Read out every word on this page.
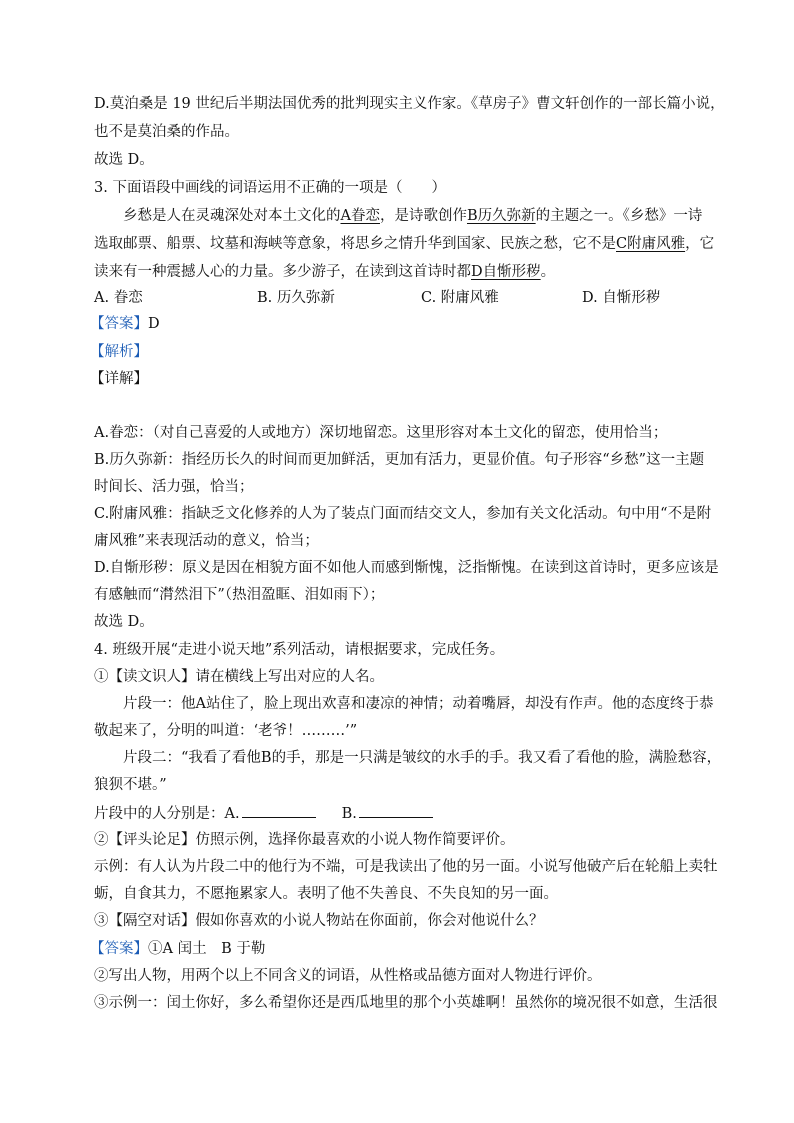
D.莫泊桑是 19 世纪后半期法国优秀的批判现实主义作家。《草房子》曹文轩创作的一部长篇小说，
也不是莫泊桑的作品。
故选 D。
3. 下面语段中画线的词语运用不正确的一项是（　　）
乡愁是人在灵魂深处对本土文化的A眷恋，是诗歌创作B历久弥新的主题之一。《乡愁》一诗
选取邮票、船票、坟墓和海峡等意象，将思乡之情升华到国家、民族之愁，它不是C附庸风雅，它
读来有一种震撼人心的力量。多少游子，在读到这首诗时都D自惭形秽。
A. 眷恋	B. 历久弥新	C. 附庸风雅	D. 自惭形秽
【答案】D
【解析】
【详解】
A.眷恋：（对自己喜爱的人或地方）深切地留恋。这里形容对本土文化的留恋，使用恰当；
B.历久弥新：指经历长久的时间而更加鲜活，更加有活力，更显价值。句子形容“乡愁”这一主题
时间长、活力强，恰当；
C.附庸风雅：指缺乏文化修养的人为了装点门面而结交文人，参加有关文化活动。句中用“不是附
庸风雅”来表现活动的意义，恰当；
D.自惭形秽：原义是因在相貌方面不如他人而感到惭愧，泛指惭愧。在读到这首诗时，更多应该是
有感触而“潸然泪下”（热泪盈眶、泪如雨下）；
故选 D。
4. 班级开展“走进小说天地”系列活动，请根据要求，完成任务。
①【读文识人】请在横线上写出对应的人名。
片段一：他A站住了，脸上现出欢喜和凄凉的神情；动着嘴唇，却没有作声。他的态度终于恭
敬起来了，分明的叫道：‘老爷！………’”
片段二：“我看了看他B的手，那是一只满是皱纹的水手的手。我又看了看他的脸，满脸愁容，
狼狈不堪。”
片段中的人分别是：A.	B.
②【评头论足】仿照示例，选择你最喜欢的小说人物作简要评价。
示例：有人认为片段二中的他行为不端，可是我读出了他的另一面。小说写他破产后在轮船上卖牡
蛎，自食其力，不愿拖累家人。表明了他不失善良、不失良知的另一面。
③【隔空对话】假如你喜欢的小说人物站在你面前，你会对他说什么？
【答案】①A 闰土　B 于勒
②写出人物，用两个以上不同含义的词语，从性格或品德方面对人物进行评价。
③示例一：闰土你好，多么希望你还是西瓜地里的那个小英雄啊！虽然你的境况很不如意，生活很
